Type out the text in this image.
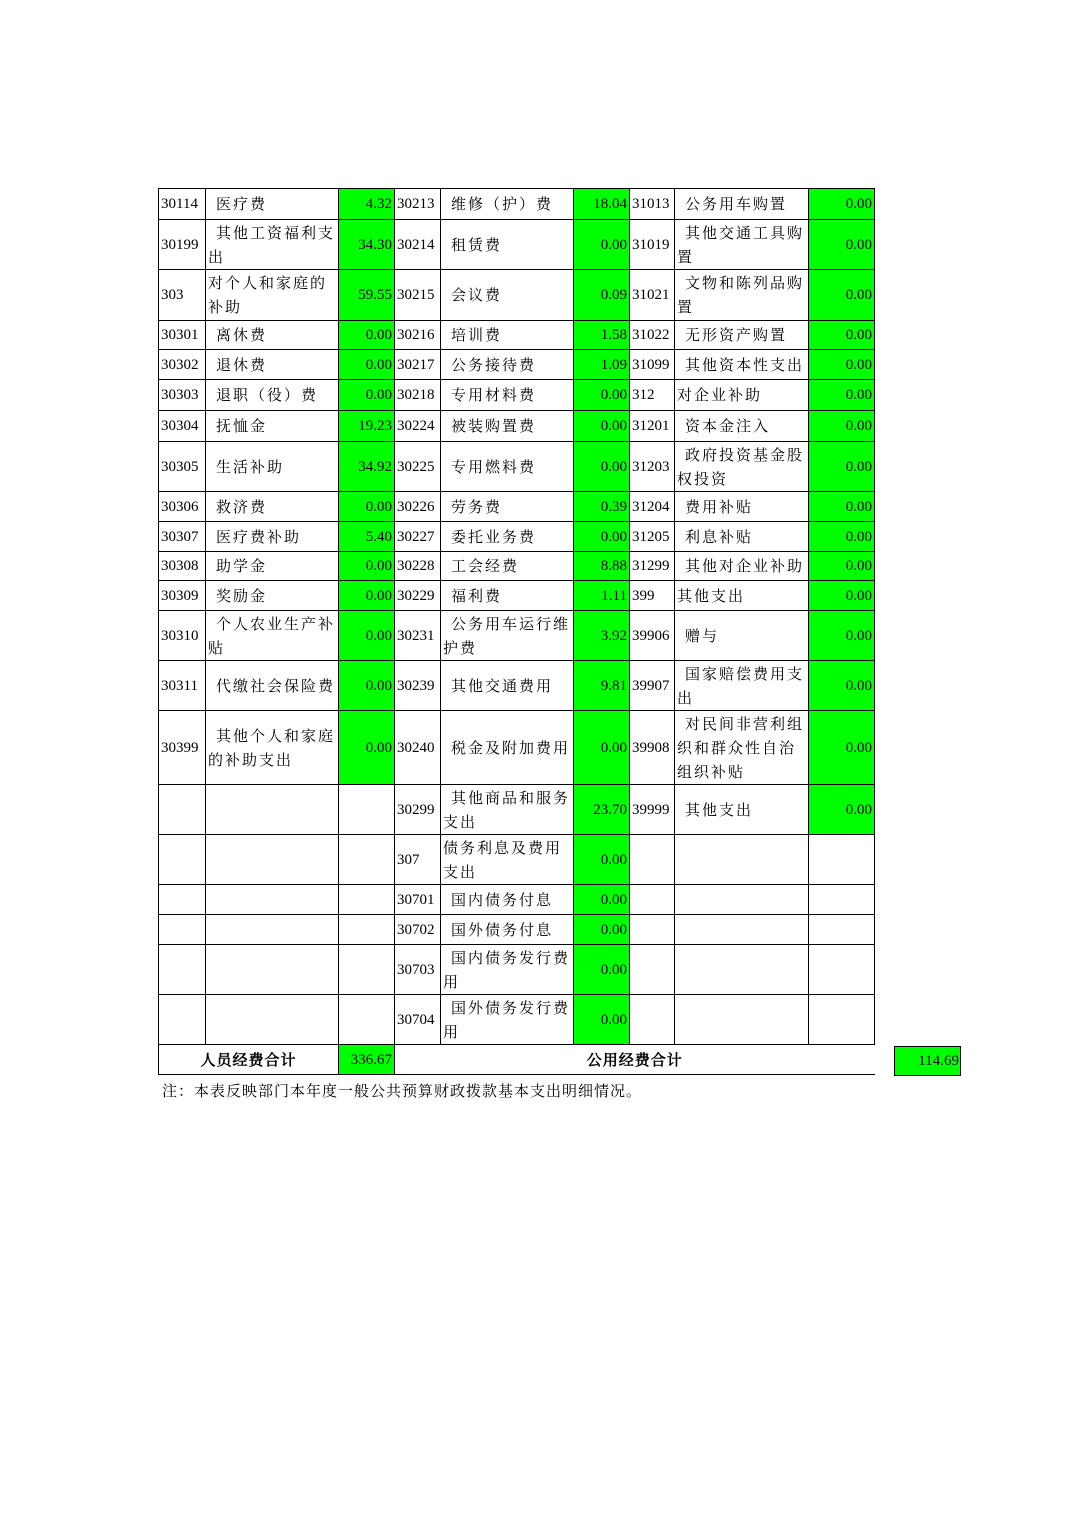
30114	医疗费	4.32	30213	维修（护）费	18.04	31013	公务用车购置	0.00
30199	其他工资福利支出	34.30	30214	租赁费	0.00	31019	其他交通工具购置	0.00
303	对个人和家庭的补助	59.55	30215	会议费	0.09	31021	文物和陈列品购置	0.00
30301	离休费	0.00	30216	培训费	1.58	31022	无形资产购置	0.00
30302	退休费	0.00	30217	公务接待费	1.09	31099	其他资本性支出	0.00
30303	退职（役）费	0.00	30218	专用材料费	0.00	312	对企业补助	0.00
30304	抚恤金	19.23	30224	被装购置费	0.00	31201	资本金注入	0.00
30305	生活补助	34.92	30225	专用燃料费	0.00	31203	政府投资基金股权投资	0.00
30306	救济费	0.00	30226	劳务费	0.39	31204	费用补贴	0.00
30307	医疗费补助	5.40	30227	委托业务费	0.00	31205	利息补贴	0.00
30308	助学金	0.00	30228	工会经费	8.88	31299	其他对企业补助	0.00
30309	奖励金	0.00	30229	福利费	1.11	399	其他支出	0.00
30310	个人农业生产补贴	0.00	30231	公务用车运行维护费	3.92	39906	赠与	0.00
30311	代缴社会保险费	0.00	30239	其他交通费用	9.81	39907	国家赔偿费用支出	0.00
30399	其他个人和家庭的补助支出	0.00	30240	税金及附加费用	0.00	39908	对民间非营利组织和群众性自治组织补贴	0.00
			30299	其他商品和服务支出	23.70	39999	其他支出	0.00
			307	债务利息及费用支出	0.00			
			30701	国内债务付息	0.00			
			30702	国外债务付息	0.00			
			30703	国内债务发行费用	0.00			
			30704	国外债务发行费用	0.00			
人员经费合计		336.67	公用经费合计						114.69
注：本表反映部门本年度一般公共预算财政拨款基本支出明细情况。
